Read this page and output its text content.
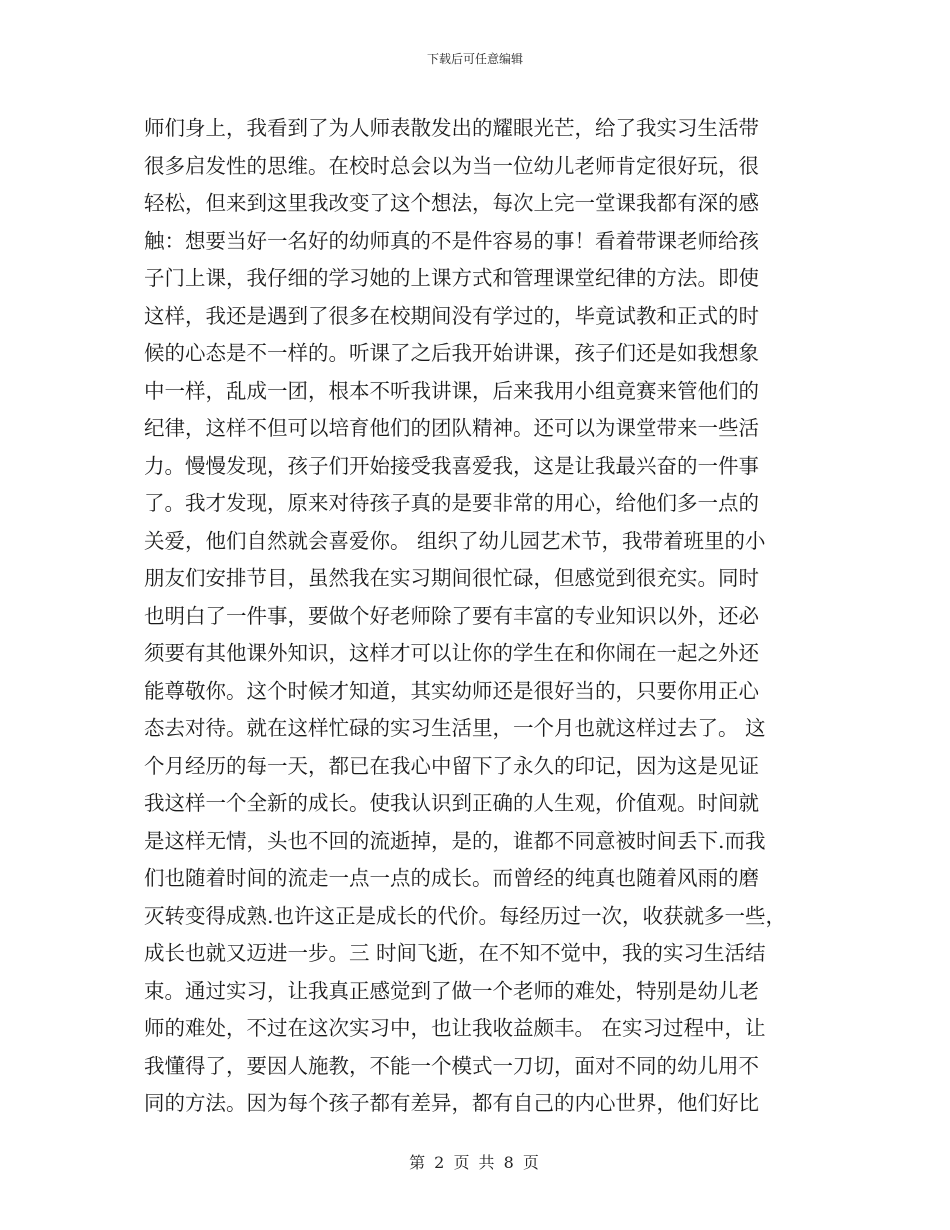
下载后可任意编辑
师们身上，我看到了为人师表散发出的耀眼光芒，给了我实习生活带
很多启发性的思维。在校时总会以为当一位幼儿老师肯定很好玩，很
轻松，但来到这里我改变了这个想法，每次上完一堂课我都有深的感
触：想要当好一名好的幼师真的不是件容易的事！看着带课老师给孩
子门上课，我仔细的学习她的上课方式和管理课堂纪律的方法。即使
这样，我还是遇到了很多在校期间没有学过的，毕竟试教和正式的时
候的心态是不一样的。听课了之后我开始讲课，孩子们还是如我想象
中一样，乱成一团，根本不听我讲课，后来我用小组竟赛来管他们的
纪律，这样不但可以培育他们的团队精神。还可以为课堂带来一些活
力。慢慢发现，孩子们开始接受我喜爱我，这是让我最兴奋的一件事
了。我才发现，原来对待孩子真的是要非常的用心，给他们多一点的
关爱，他们自然就会喜爱你。 组织了幼儿园艺术节，我带着班里的小
朋友们安排节目，虽然我在实习期间很忙碌，但感觉到很充实。同时
也明白了一件事，要做个好老师除了要有丰富的专业知识以外，还必
须要有其他课外知识，这样才可以让你的学生在和你闹在一起之外还
能尊敬你。这个时候才知道，其实幼师还是很好当的，只要你用正心
态去对待。就在这样忙碌的实习生活里，一个月也就这样过去了。 这
个月经历的每一天，都已在我心中留下了永久的印记，因为这是见证
我这样一个全新的成长。使我认识到正确的人生观，价值观。时间就
是这样无情，头也不回的流逝掉，是的，谁都不同意被时间丢下.而我
们也随着时间的流走一点一点的成长。而曾经的纯真也随着风雨的磨
灭转变得成熟.也许这正是成长的代价。每经历过一次，收获就多一些，
成长也就又迈进一步。三 时间飞逝，在不知不觉中，我的实习生活结
束。通过实习，让我真正感觉到了做一个老师的难处，特别是幼儿老
师的难处，不过在这次实习中，也让我收益颇丰。 在实习过程中，让
我懂得了，要因人施教，不能一个模式一刀切，面对不同的幼儿用不
同的方法。因为每个孩子都有差异，都有自己的内心世界，他们好比
第 2 页 共 8 页
